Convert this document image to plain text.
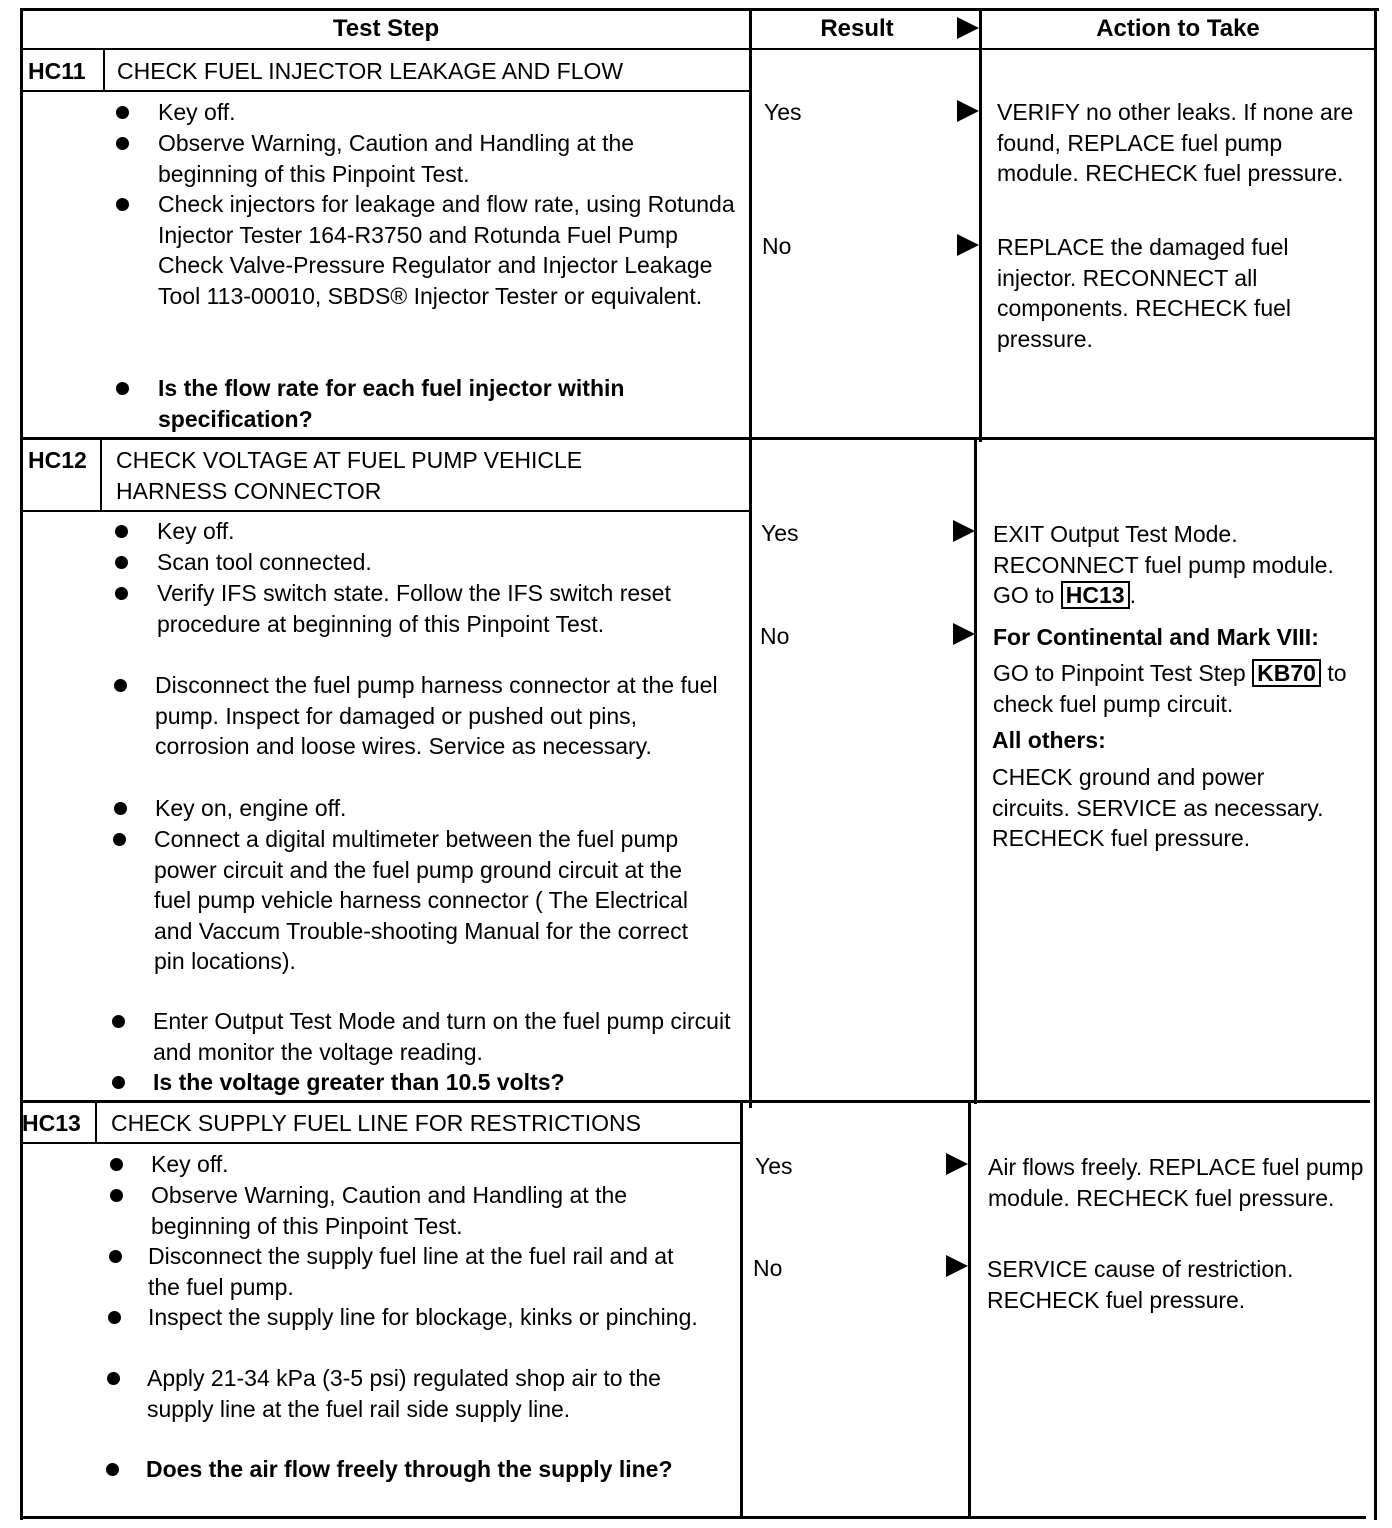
Test Step	Result	Action to Take
HC11 CHECK FUEL INJECTOR LEAKAGE AND FLOW
Key off.
Observe Warning, Caution and Handling at the beginning of this Pinpoint Test.
Check injectors for leakage and flow rate, using Rotunda Injector Tester 164-R3750 and Rotunda Fuel Pump Check Valve-Pressure Regulator and Injector Leakage Tool 113-00010, SBDS® Injector Tester or equivalent.
Is the flow rate for each fuel injector within specification?
Yes	VERIFY no other leaks. If none are found, REPLACE fuel pump module. RECHECK fuel pressure.
No	REPLACE the damaged fuel injector. RECONNECT all components. RECHECK fuel pressure.
HC12 CHECK VOLTAGE AT FUEL PUMP VEHICLE HARNESS CONNECTOR
Key off.
Scan tool connected.
Verify IFS switch state. Follow the IFS switch reset procedure at beginning of this Pinpoint Test.
Disconnect the fuel pump harness connector at the fuel pump. Inspect for damaged or pushed out pins, corrosion and loose wires. Service as necessary.
Key on, engine off.
Connect a digital multimeter between the fuel pump power circuit and the fuel pump ground circuit at the fuel pump vehicle harness connector ( The Electrical and Vaccum Trouble-shooting Manual for the correct pin locations).
Enter Output Test Mode and turn on the fuel pump circuit and monitor the voltage reading.
Is the voltage greater than 10.5 volts?
Yes	EXIT Output Test Mode. RECONNECT fuel pump module. GO to HC13 .
No	For Continental and Mark VIII:
GO to Pinpoint Test Step KB70 to check fuel pump circuit.
All others:
CHECK ground and power circuits. SERVICE as necessary. RECHECK fuel pressure.
HC13 CHECK SUPPLY FUEL LINE FOR RESTRICTIONS
Key off.
Observe Warning, Caution and Handling at the beginning of this Pinpoint Test.
Disconnect the supply fuel line at the fuel rail and at the fuel pump.
Inspect the supply line for blockage, kinks or pinching.
Apply 21-34 kPa (3-5 psi) regulated shop air to the supply line at the fuel rail side supply line.
Does the air flow freely through the supply line?
Yes	Air flows freely. REPLACE fuel pump module. RECHECK fuel pressure.
No	SERVICE cause of restriction. RECHECK fuel pressure.
